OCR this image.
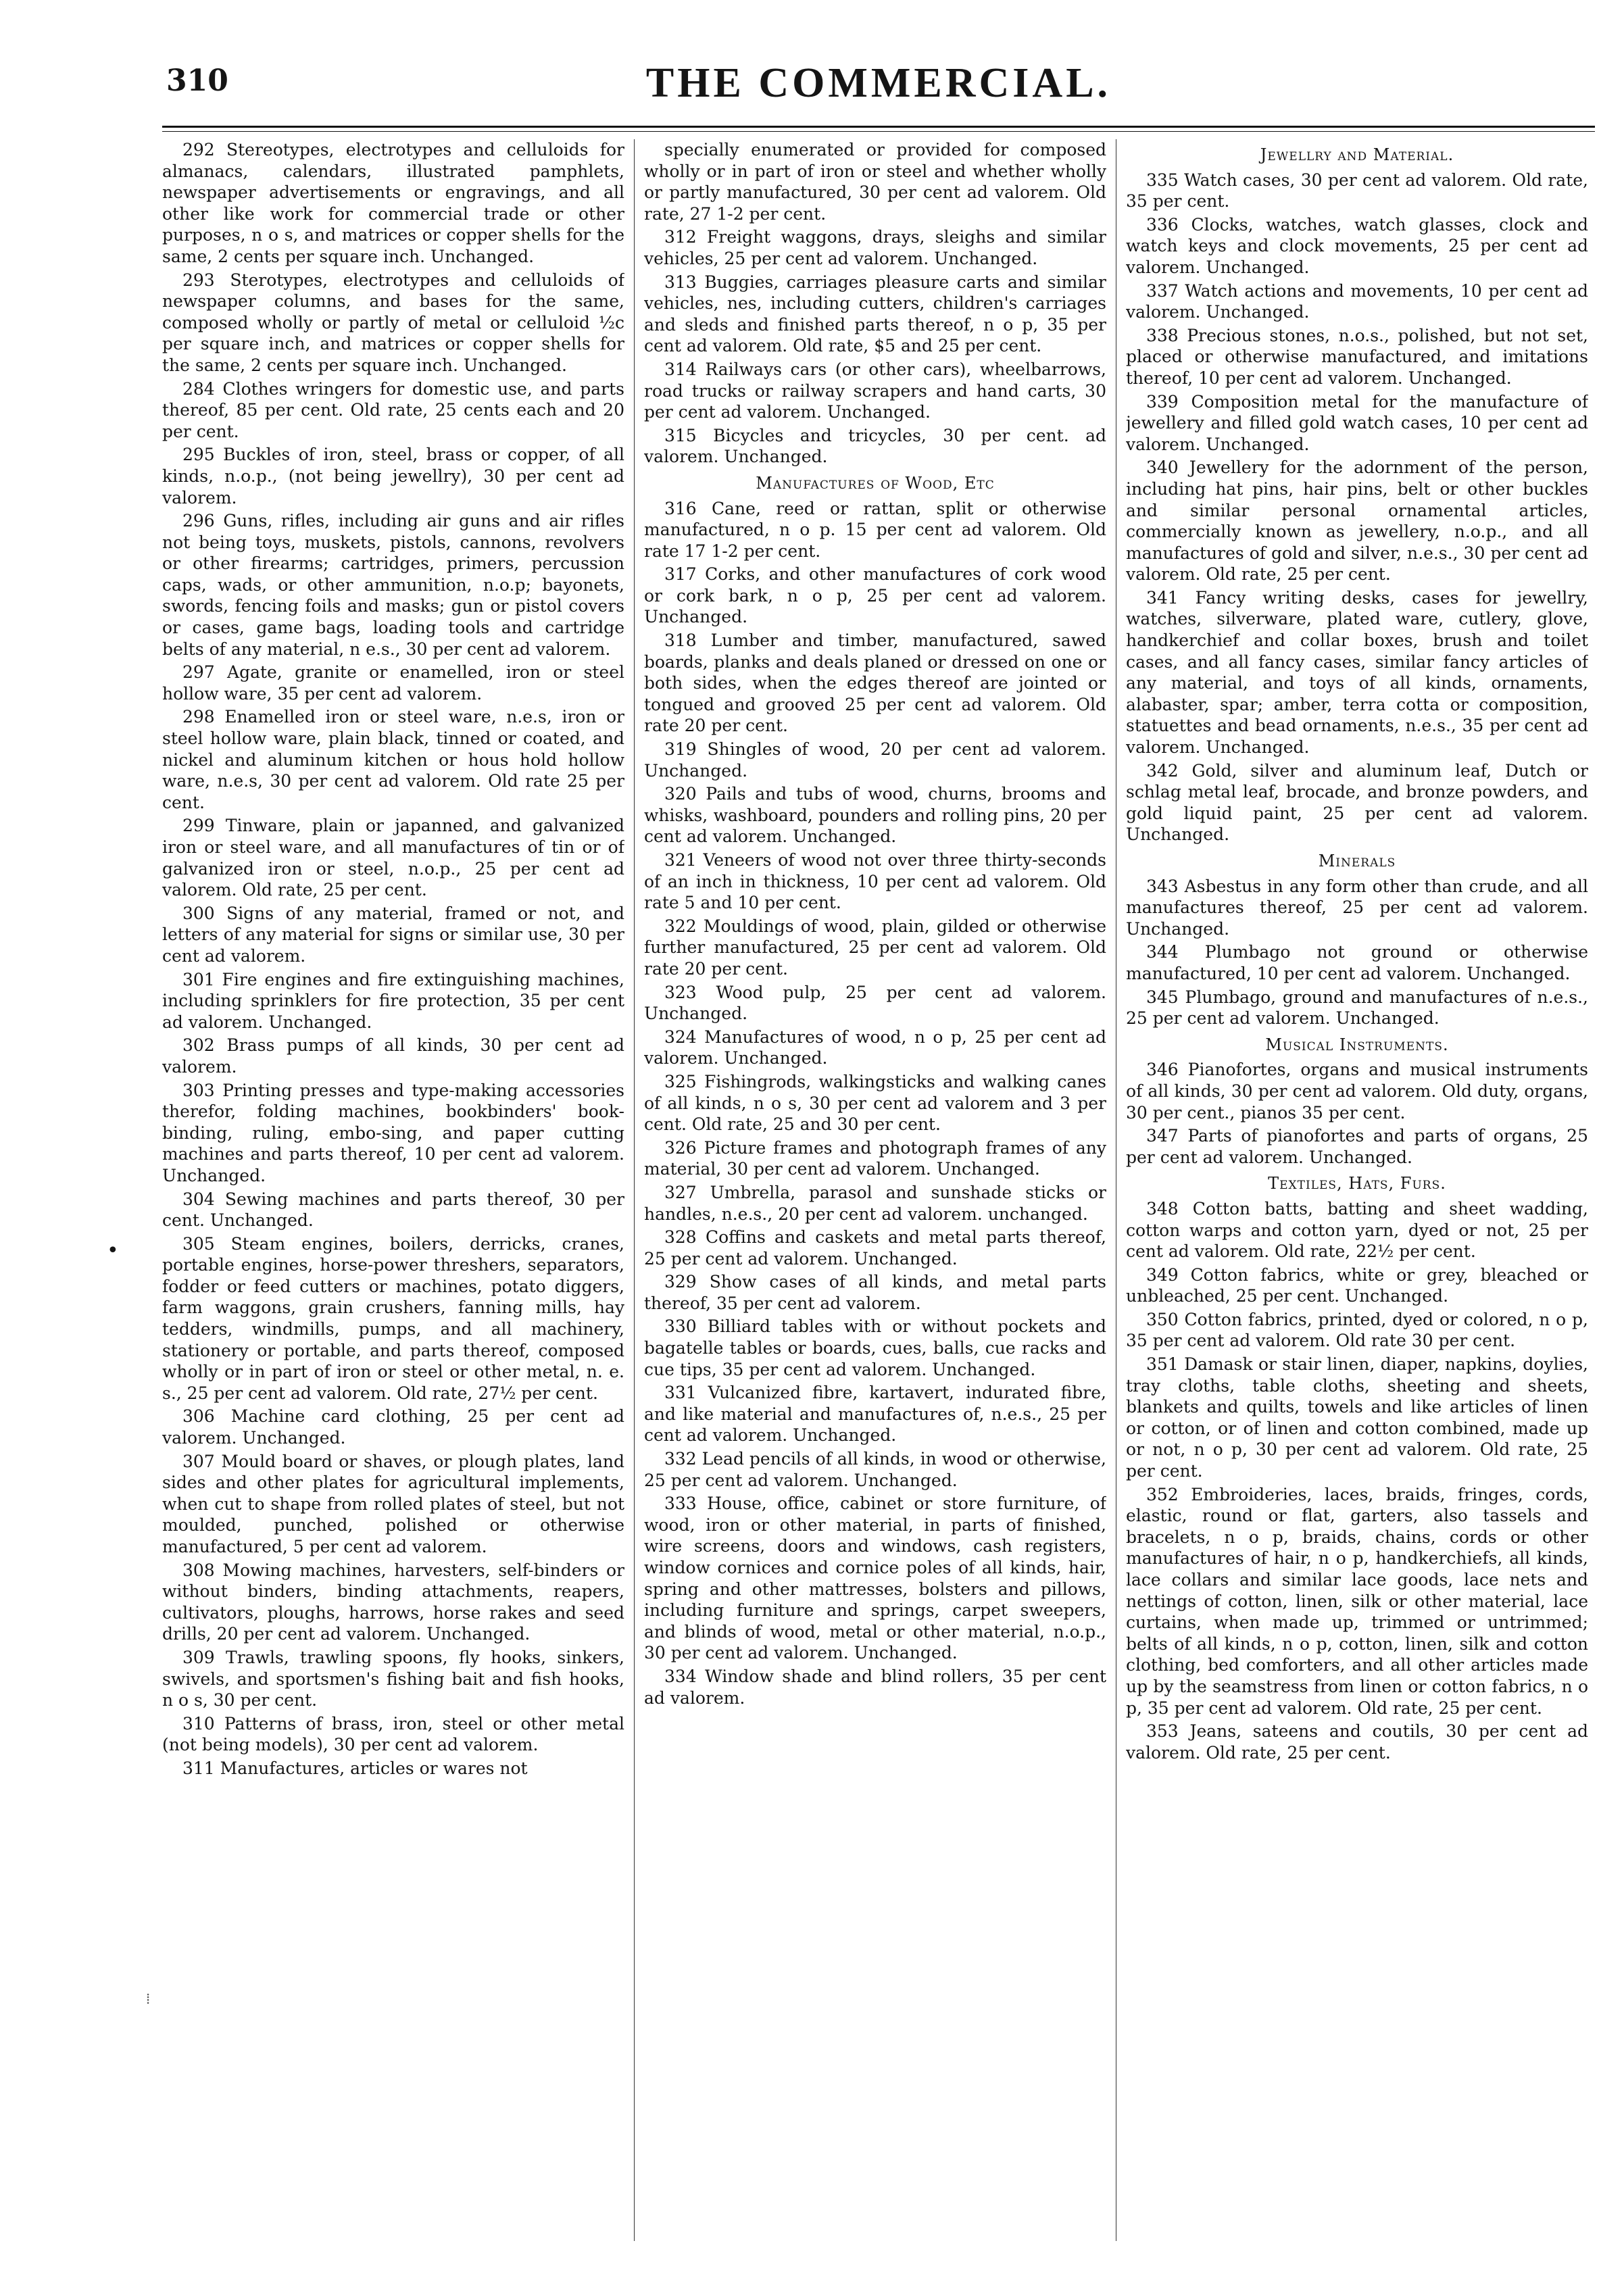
310	THE COMMERCIAL.

292 Stereotypes, electrotypes and celluloids for almanacs, calendars, illustrated pamphlets, newspaper advertisements or engravings, and all other like work for commercial trade or other purposes, n o s, and matrices or copper shells for the same, 2 cents per square inch. Unchanged.

293 Sterotypes, electrotypes and celluloids of newspaper columns, and bases for the same, composed wholly or partly of metal or celluloid ½c per square inch, and matrices or copper shells for the same, 2 cents per square inch. Unchanged.

284 Clothes wringers for domestic use, and parts thereof, 85 per cent. Old rate, 25 cents each and 20 per cent.

295 Buckles of iron, steel, brass or copper, of all kinds, n.o.p., (not being jewellry), 30 per cent ad valorem.

296 Guns, rifles, including air guns and air rifles not being toys, muskets, pistols, cannons, revolvers or other firearms; cartridges, primers, percussion caps, wads, or other ammunition, n.o.p; bayonets, swords, fencing foils and masks; gun or pistol covers or cases, game bags, loading tools and cartridge belts of any material, n e.s., 30 per cent ad valorem.

297 Agate, granite or enamelled, iron or steel hollow ware, 35 per cent ad valorem.

298 Enamelled iron or steel ware, n.e.s, iron or steel hollow ware, plain black, tinned or coated, and nickel and aluminum kitchen or hous hold hollow ware, n.e.s, 30 per cent ad valorem. Old rate 25 per cent.

299 Tinware, plain or japanned, and galvanized iron or steel ware, and all manufactures of tin or of galvanized iron or steel, n.o.p., 25 per cent ad valorem. Old rate, 25 per cent.

300 Signs of any material, framed or not, and letters of any material for signs or similar use, 30 per cent ad valorem.

301 Fire engines and fire extinguishing machines, including sprinklers for fire protection, 35 per cent ad valorem. Unchanged.

302 Brass pumps of all kinds, 30 per cent ad valorem.

303 Printing presses and type-making accessories therefor, folding machines, bookbinders' book-binding, ruling, embo-sing, and paper cutting machines and parts thereof, 10 per cent ad valorem. Unchanged.

304 Sewing machines and parts thereof, 30 per cent. Unchanged.

305 Steam engines, boilers, derricks, cranes, portable engines, horse-power threshers, separators, fodder or feed cutters or machines, potato diggers, farm waggons, grain crushers, fanning mills, hay tedders, windmills, pumps, and all machinery, stationery or portable, and parts thereof, composed wholly or in part of iron or steel or other metal, n. e. s., 25 per cent ad valorem. Old rate, 27½ per cent.

306 Machine card clothing, 25 per cent ad valorem. Unchanged.

307 Mould board or shaves, or plough plates, land sides and other plates for agricultural implements, when cut to shape from rolled plates of steel, but not moulded, punched, polished or otherwise manufactured, 5 per cent ad valorem.

308 Mowing machines, harvesters, self-binders or without binders, binding attachments, reapers, cultivators, ploughs, harrows, horse rakes and seed drills, 20 per cent ad valorem. Unchanged.

309 Trawls, trawling spoons, fly hooks, sinkers, swivels, and sportsmen's fishing bait and fish hooks, n o s, 30 per cent.

310 Patterns of brass, iron, steel or other metal (not being models), 30 per cent ad valorem.

311 Manufactures, articles or wares not

specially enumerated or provided for composed wholly or in part of iron or steel and whether wholly or partly manufactured, 30 per cent ad valorem. Old rate, 27 1-2 per cent.

312 Freight waggons, drays, sleighs and similar vehicles, 25 per cent ad valorem. Unchanged.

313 Buggies, carriages pleasure carts and similar vehicles, nes, including cutters, children's carriages and sleds and finished parts thereof, n o p, 35 per cent ad valorem. Old rate, $5 and 25 per cent.

314 Railways cars (or other cars), wheelbarrows, road trucks or railway scrapers and hand carts, 30 per cent ad valorem. Unchanged.

315 Bicycles and tricycles, 30 per cent. ad valorem. Unchanged.

Manufactures of Wood, Etc

316 Cane, reed or rattan, split or otherwise manufactured, n o p. 15 per cent ad valorem. Old rate 17 1-2 per cent.

317 Corks, and other manufactures of cork wood or cork bark, n o p, 25 per cent ad valorem. Unchanged.

318 Lumber and timber, manufactured, sawed boards, planks and deals planed or dressed on one or both sides, when the edges thereof are jointed or tongued and grooved 25 per cent ad valorem. Old rate 20 per cent.

319 Shingles of wood, 20 per cent ad valorem. Unchanged.

320 Pails and tubs of wood, churns, brooms and whisks, washboard, pounders and rolling pins, 20 per cent ad valorem. Unchanged.

321 Veneers of wood not over three thirty-seconds of an inch in thickness, 10 per cent ad valorem. Old rate 5 and 10 per cent.

322 Mouldings of wood, plain, gilded or otherwise further manufactured, 25 per cent ad valorem. Old rate 20 per cent.

323 Wood pulp, 25 per cent ad valorem. Unchanged.

324 Manufactures of wood, n o p, 25 per cent ad valorem. Unchanged.

325 Fishingrods, walkingsticks and walking canes of all kinds, n o s, 30 per cent ad valorem and 3 per cent. Old rate, 25 and 30 per cent.

326 Picture frames and photograph frames of any material, 30 per cent ad valorem. Unchanged.

327 Umbrella, parasol and sunshade sticks or handles, n.e.s., 20 per cent ad valorem. unchanged.

328 Coffins and caskets and metal parts thereof, 25 per cent ad valorem. Unchanged.

329 Show cases of all kinds, and metal parts thereof, 35 per cent ad valorem.

330 Billiard tables with or without pockets and bagatelle tables or boards, cues, balls, cue racks and cue tips, 35 per cent ad valorem. Unchanged.

331 Vulcanized fibre, kartavert, indurated fibre, and like material and manufactures of, n.e.s., 25 per cent ad valorem. Unchanged.

332 Lead pencils of all kinds, in wood or otherwise, 25 per cent ad valorem. Unchanged.

333 House, office, cabinet or store furniture, of wood, iron or other material, in parts of finished, wire screens, doors and windows, cash registers, window cornices and cornice poles of all kinds, hair, spring and other mattresses, bolsters and pillows, including furniture and springs, carpet sweepers, and blinds of wood, metal or other material, n.o.p., 30 per cent ad valorem. Unchanged.

334 Window shade and blind rollers, 35 per cent ad valorem.

Jewellry and Material.

335 Watch cases, 30 per cent ad valorem. Old rate, 35 per cent.

336 Clocks, watches, watch glasses, clock and watch keys and clock movements, 25 per cent ad valorem. Unchanged.

337 Watch actions and movements, 10 per cent ad valorem. Unchanged.

338 Precious stones, n.o.s., polished, but not set, placed or otherwise manufactured, and imitations thereof, 10 per cent ad valorem. Unchanged.

339 Composition metal for the manufacture of jewellery and filled gold watch cases, 10 per cent ad valorem. Unchanged.

340 Jewellery for the adornment of the person, including hat pins, hair pins, belt or other buckles and similar personal ornamental articles, commercially known as jewellery, n.o.p., and all manufactures of gold and silver, n.e.s., 30 per cent ad valorem. Old rate, 25 per cent.

341 Fancy writing desks, cases for jewellry, watches, silverware, plated ware, cutlery, glove, handkerchief and collar boxes, brush and toilet cases, and all fancy cases, similar fancy articles of any material, and toys of all kinds, ornaments, alabaster, spar; amber, terra cotta or composition, statuettes and bead ornaments, n.e.s., 35 per cent ad valorem. Unchanged.

342 Gold, silver and aluminum leaf, Dutch or schlag metal leaf, brocade, and bronze powders, and gold liquid paint, 25 per cent ad valorem. Unchanged.

Minerals

343 Asbestus in any form other than crude, and all manufactures thereof, 25 per cent ad valorem. Unchanged.

344 Plumbago not ground or otherwise manufactured, 10 per cent ad valorem. Unchanged.

345 Plumbago, ground and manufactures of n.e.s., 25 per cent ad valorem. Unchanged.

Musical Instruments.

346 Pianofortes, organs and musical instruments of all kinds, 30 per cent ad valorem. Old duty, organs, 30 per cent., pianos 35 per cent.

347 Parts of pianofortes and parts of organs, 25 per cent ad valorem. Unchanged.

Textiles, Hats, Furs.

348 Cotton batts, batting and sheet wadding, cotton warps and cotton yarn, dyed or not, 25 per cent ad valorem. Old rate, 22½ per cent.

349 Cotton fabrics, white or grey, bleached or unbleached, 25 per cent. Unchanged.

350 Cotton fabrics, printed, dyed or colored, n o p, 35 per cent ad valorem. Old rate 30 per cent.

351 Damask or stair linen, diaper, napkins, doylies, tray cloths, table cloths, sheeting and sheets, blankets and quilts, towels and like articles of linen or cotton, or of linen and cotton combined, made up or not, n o p, 30 per cent ad valorem. Old rate, 25 per cent.

352 Embroideries, laces, braids, fringes, cords, elastic, round or flat, garters, also tassels and bracelets, n o p, braids, chains, cords or other manufactures of hair, n o p, handkerchiefs, all kinds, lace collars and similar lace goods, lace nets and nettings of cotton, linen, silk or other material, lace curtains, when made up, trimmed or untrimmed; belts of all kinds, n o p, cotton, linen, silk and cotton clothing, bed comforters, and all other articles made up by the seamstress from linen or cotton fabrics, n o p, 35 per cent ad valorem. Old rate, 25 per cent.

353 Jeans, sateens and coutils, 30 per cent ad valorem. Old rate, 25 per cent.

•
⁞
